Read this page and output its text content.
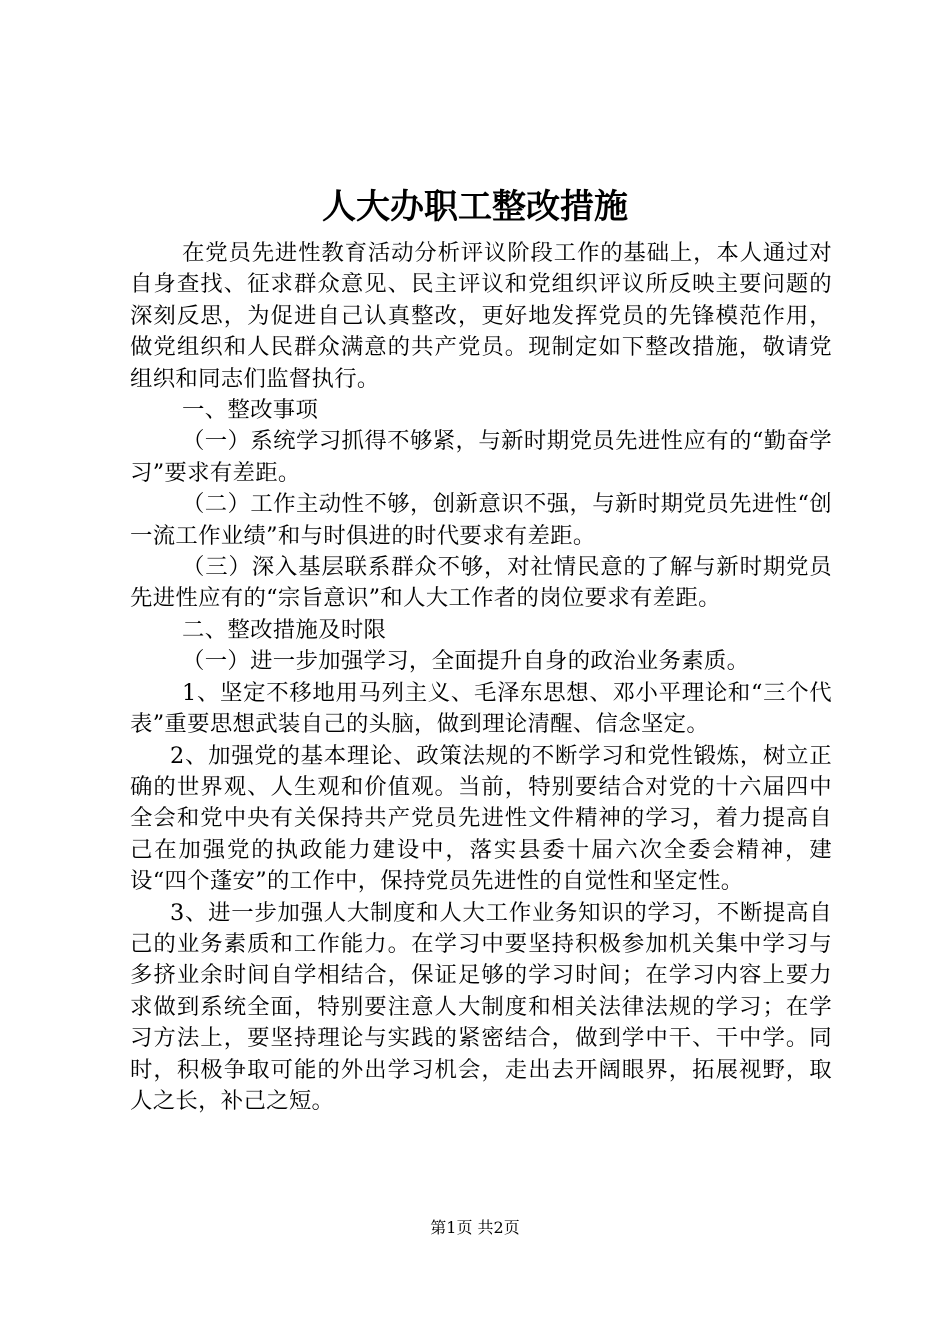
人大办职工整改措施

在党员先进性教育活动分析评议阶段工作的基础上，本人通过对自身查找、征求群众意见、民主评议和党组织评议所反映主要问题的深刻反思，为促进自己认真整改，更好地发挥党员的先锋模范作用，做党组织和人民群众满意的共产党员。现制定如下整改措施，敬请党组织和同志们监督执行。

一、整改事项

（一）系统学习抓得不够紧，与新时期党员先进性应有的“勤奋学习”要求有差距。

（二）工作主动性不够，创新意识不强，与新时期党员先进性“创一流工作业绩”和与时俱进的时代要求有差距。

（三）深入基层联系群众不够，对社情民意的了解与新时期党员先进性应有的“宗旨意识”和人大工作者的岗位要求有差距。

二、整改措施及时限

（一）进一步加强学习，全面提升自身的政治业务素质。

1、坚定不移地用马列主义、毛泽东思想、邓小平理论和“三个代表”重要思想武装自己的头脑，做到理论清醒、信念坚定。

2、加强党的基本理论、政策法规的不断学习和党性锻炼，树立正确的世界观、人生观和价值观。当前，特别要结合对党的十六届四中全会和党中央有关保持共产党员先进性文件精神的学习，着力提高自己在加强党的执政能力建设中，落实县委十届六次全委会精神，建设“四个蓬安”的工作中，保持党员先进性的自觉性和坚定性。

3、进一步加强人大制度和人大工作业务知识的学习，不断提高自己的业务素质和工作能力。在学习中要坚持积极参加机关集中学习与多挤业余时间自学相结合，保证足够的学习时间；在学习内容上要力求做到系统全面，特别要注意人大制度和相关法律法规的学习；在学习方法上，要坚持理论与实践的紧密结合，做到学中干、干中学。同时，积极争取可能的外出学习机会，走出去开阔眼界，拓展视野，取人之长，补己之短。

第1页 共2页
